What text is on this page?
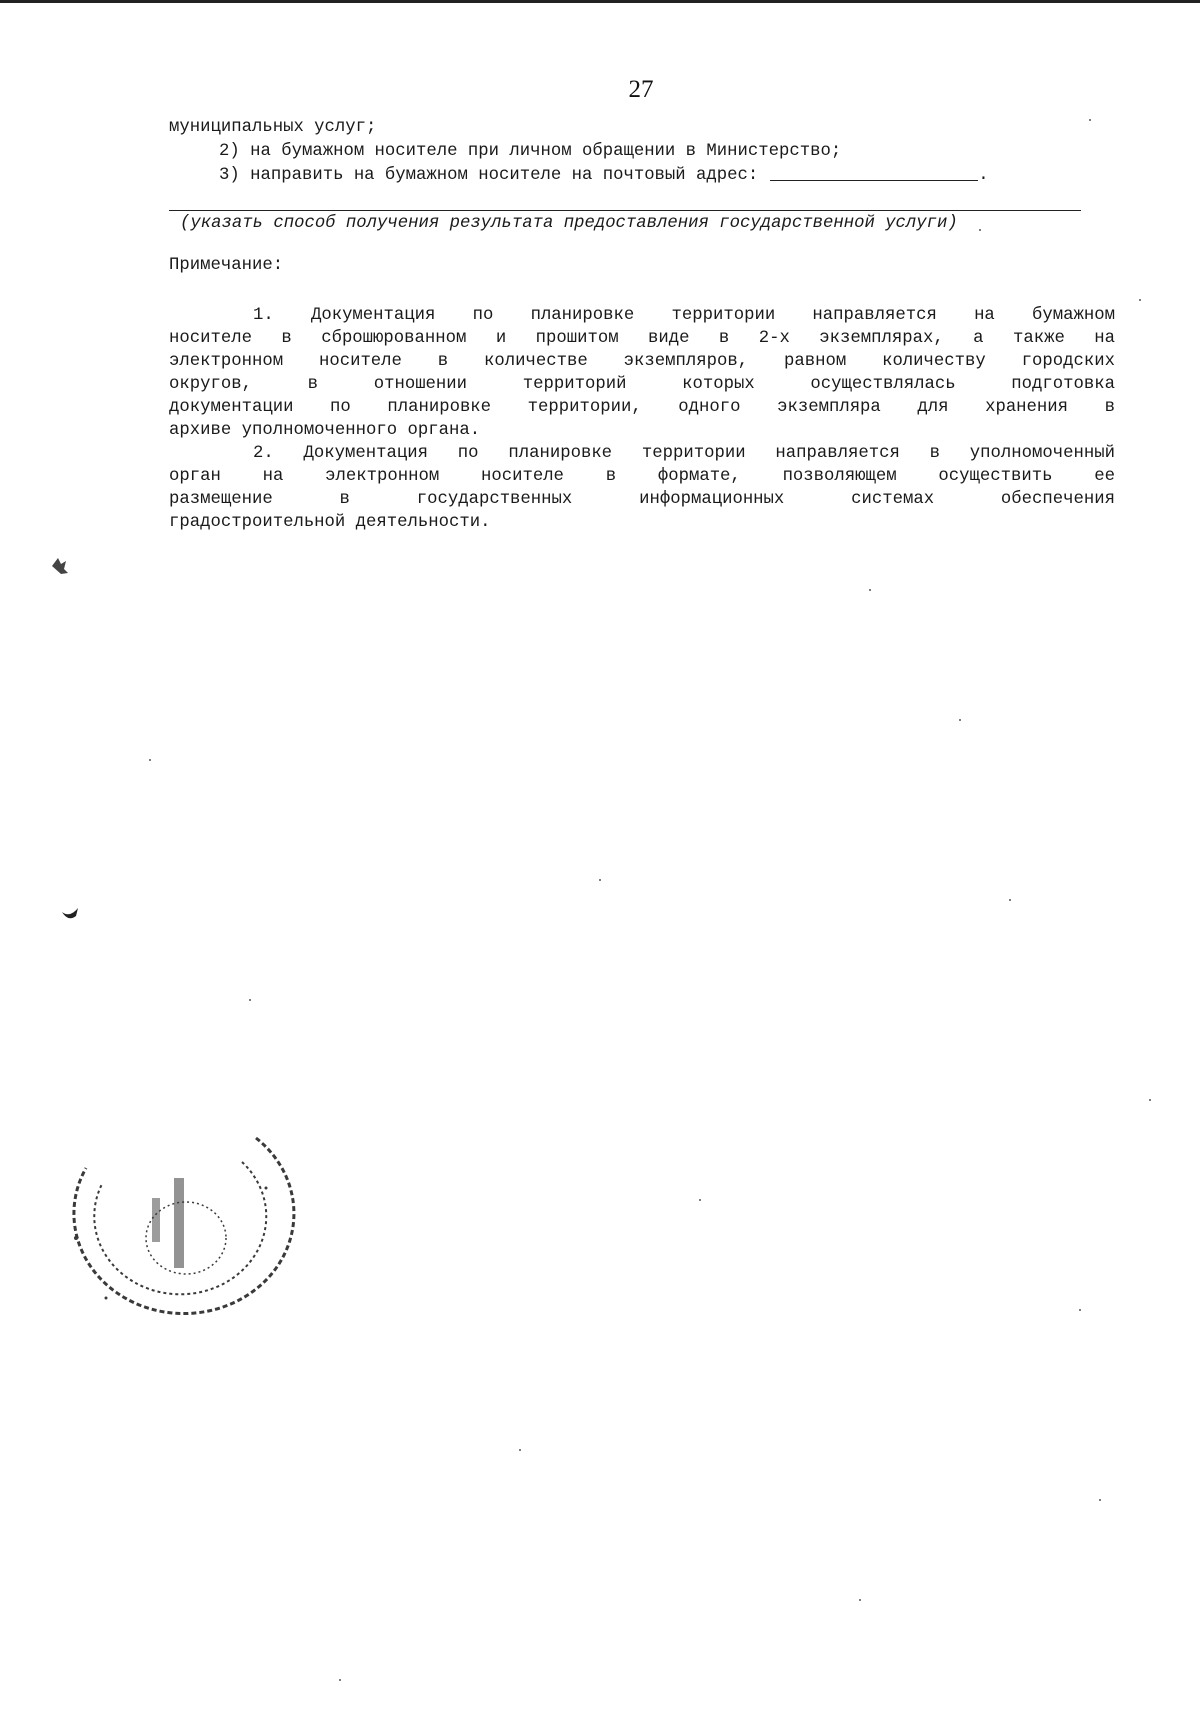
27
муниципальных услуг;
2) на бумажном носителе при личном обращении в Министерство;
3) направить на бумажном носителе на почтовый адрес:	.
(указать способ получения результата предоставления государственной услуги)
Примечание:
1. Документация по планировке территории направляется на бумажном
носителе в сброшюрованном и прошитом виде в 2-х экземплярах, а также на
электронном носителе в количестве экземпляров, равном количеству городских
округов, в отношении территорий которых осуществлялась подготовка
документации по планировке территории, одного экземпляра для хранения в
архиве уполномоченного органа.
2. Документация по планировке территории направляется в уполномоченный
орган на электронном носителе в формате, позволяющем осуществить ее
размещение в государственных информационных системах обеспечения
градостроительной деятельности.
